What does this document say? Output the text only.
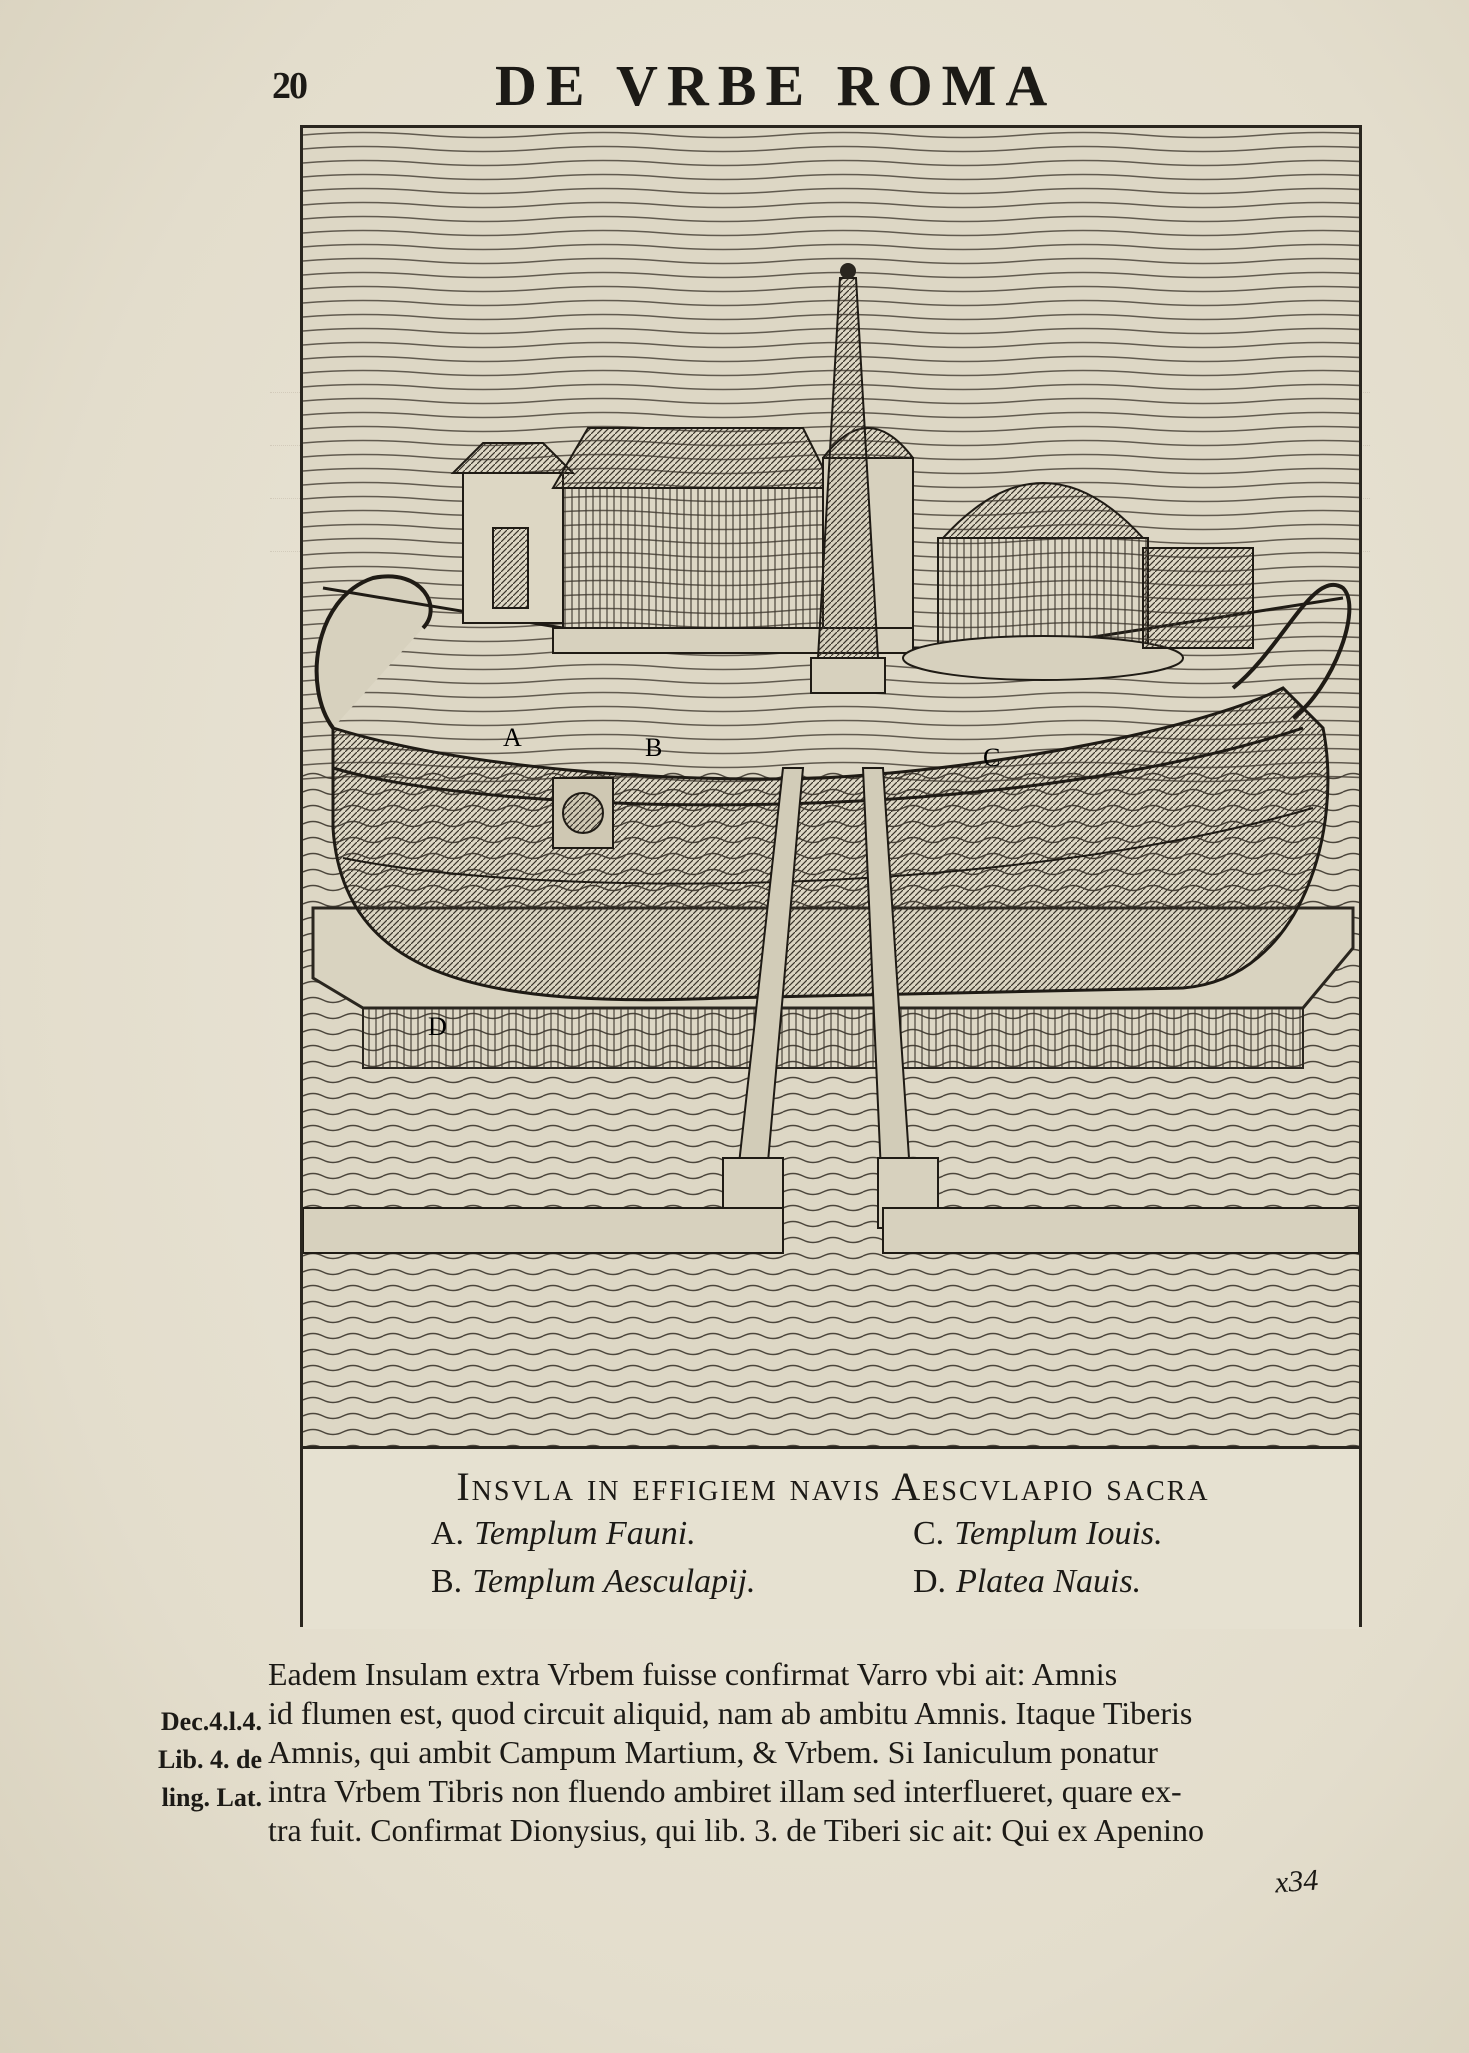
20	DE VRBE ROMA
A	B	C
D
Insvla in effigiem navis Aescvlapio sacra
A. Templum Fauni.	C. Templum Iouis.
B. Templum Aesculapij.	D. Platea Nauis.
Dec.4.l.4.
Lib. 4. de
ling. Lat.
Eadem Insulam extra Vrbem fuisse confirmat Varro vbi ait: Amnis
id flumen est, quod circuit aliquid, nam ab ambitu Amnis. Itaque Tiberis
Amnis, qui ambit Campum Martium, & Vrbem. Si Ianiculum ponatur
intra Vrbem Tibris non fluendo ambiret illam sed interflueret, quare ex-
tra fuit. Confirmat Dionysius, qui lib. 3. de Tiberi sic ait: Qui ex Apenino
x34
